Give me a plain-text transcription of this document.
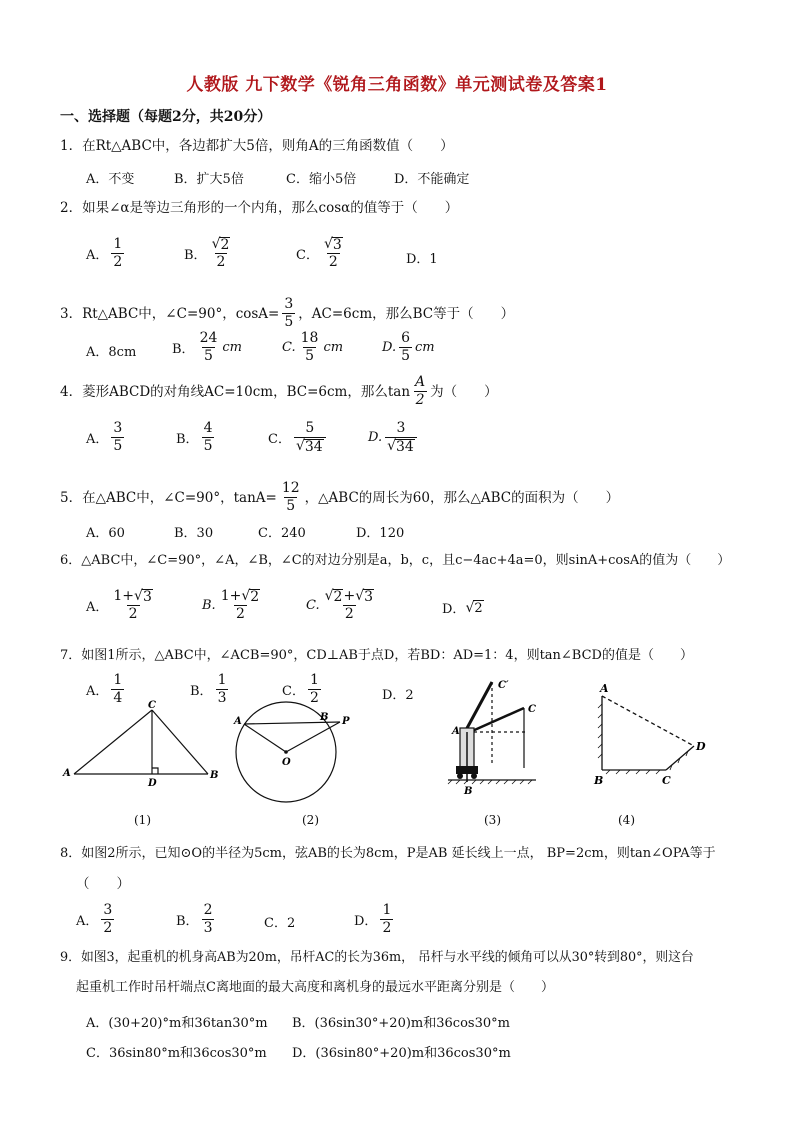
人教版 九下数学《锐角三角函数》单元测试卷及答案1
一、选择题（每题2分，共20分）
1．在Rt△ABC中，各边都扩大5倍，则角A的三角函数值（　　）
A．不变	B．扩大5倍	C．缩小5倍	D．不能确定
2．如果∠α是等边三角形的一个内角，那么cosα的值等于（　　）
A． $\frac{1}{2}$	B． $\frac{√ 2}{2}$	C． $\frac{√ 3}{2}$	D．1
3．Rt△ABC中，∠C=90°，$\cos A= \frac{3}{5}$ ，AC=6cm，那么BC等于（　　）
A．8cm	B． $\frac{24}{5}$ cm	C. $\frac{18}{5}$ cm	D. $\frac{6}{5}$ cm
4．菱形ABCD的对角线AC=10cm，BC=6cm，那么$\tan \frac{A}{2}$ 为（　　）
A． $\frac{3}{5}$	B． $\frac{4}{5}$	C． $\frac{5}{√ 34}$	D. $\frac{3}{√ 34}$
5．在△ABC中，∠C=90°，$\tan A= \frac{12}{5}$ ，△ABC的周长为60，那么△ABC的面积为（　　）
A．60	B．30	C．240	D．120
6．△ABC中，∠C=90°，∠A，∠B，∠C的对边分别是a，b，c，且c−4ac+4a=0，则sinA+cosA的值为（　　）
A． $\frac{1+ √ 3}{2}$	B. $\frac{1+ √ 2}{2}$	C. $\frac{√ 2 + √ 3}{2}$	D． √ 2
7．如图1所示，△ABC中，∠ACB=90°，CD⊥AB于点D，若BD：AD=1：4，则tan∠BCD的值是（　　）
A． $\frac{1}{4}$	B． $\frac{1}{3}$	C． $\frac{1}{2}$	D．2
A	B
C
D
A	B P
O
A
B
C
C′	A
B	C
D
(1)	(2)	(3)	(4)
8．如图2所示，已知⊙O的半径为5cm，弦AB的长为8cm，P是AB 延长线上一点， BP=2cm，则tan∠OPA等于
（　　）
A． $\frac{3}{2}$	B． $\frac{2}{3}$	C．2	D． $\frac{1}{2}$
9．如图3，起重机的机身高AB为20m，吊杆AC的长为36m， 吊杆与水平线的倾角可以从30°转到80°，则这台
起重机工作时吊杆端点C离地面的最大高度和离机身的最远水平距离分别是（　　）
A．(30+20)°m和36tan30°m B．(36sin30°+20)m和36cos30°m
C．36sin80°m和36cos30°m D．(36sin80°+20)m和36cos30°m
